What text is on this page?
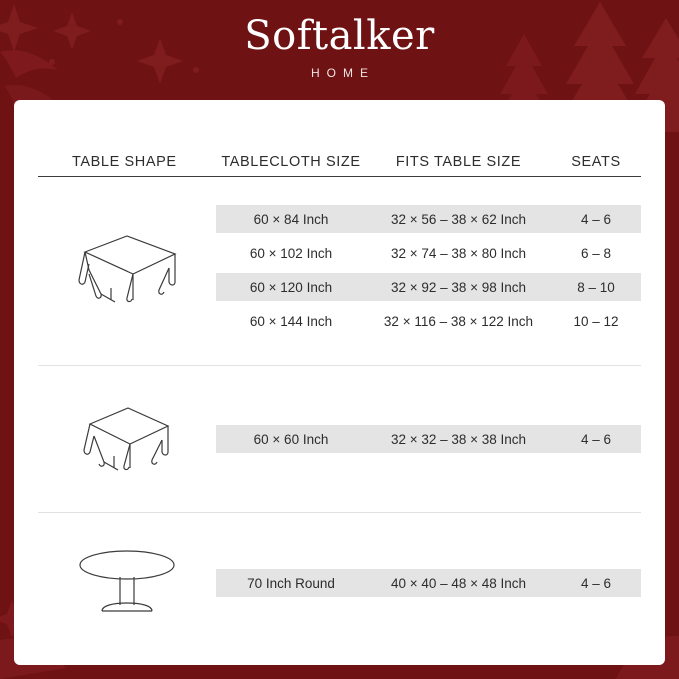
Softalker
HOME
TABLE SHAPE	TABLECLOTH SIZE	FITS TABLE SIZE	SEATS
60 × 84 Inch	32 × 56 – 38 × 62 Inch	4 – 6
60 × 102 Inch	32 × 74 – 38 × 80 Inch	6 – 8
60 × 120 Inch	32 × 92 – 38 × 98 Inch	8 – 10
60 × 144 Inch	32 × 116 – 38 × 122 Inch	10 – 12
60 × 60 Inch	32 × 32 – 38 × 38 Inch	4 – 6
70 Inch Round	40 × 40 – 48 × 48 Inch	4 – 6
